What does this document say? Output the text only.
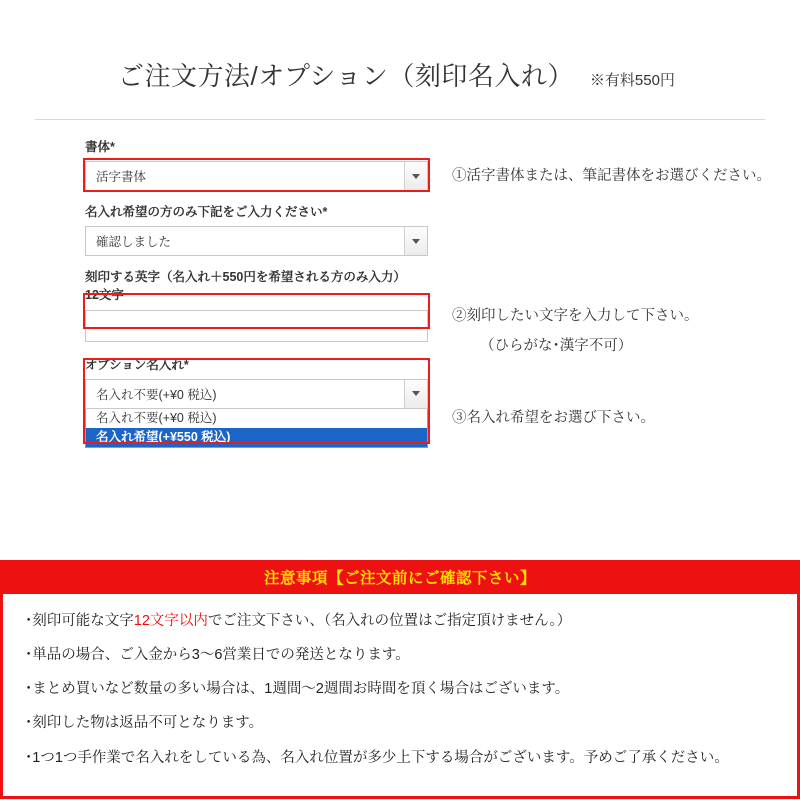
ご注文方法/オプション（刻印名入れ） ※有料550円
書体*
活字書体
名入れ希望の方のみ下記をご入力ください*
確認しました
刻印する英字（名入れ＋550円を希望される方のみ入力）12文字
オプション名入れ*
名入れ不要(+¥0 税込)
名入れ不要(+¥0 税込)
名入れ希望(+¥550 税込)
①活字書体または、筆記書体をお選びください。
②刻印したい文字を入力して下さい。
（ひらがな･漢字不可）
③名入れ希望をお選び下さい。
注意事項【ご注文前にご確認下さい】
･刻印可能な文字12文字以内でご注文下さい、（名入れの位置はご指定頂けません。）
･単品の場合、ご入金から3〜6営業日での発送となります。
･まとめ買いなど数量の多い場合は、1週間〜2週間お時間を頂く場合はございます。
･刻印した物は返品不可となります。
･1つ1つ手作業で名入れをしている為、名入れ位置が多少上下する場合がございます。予めご了承ください。
